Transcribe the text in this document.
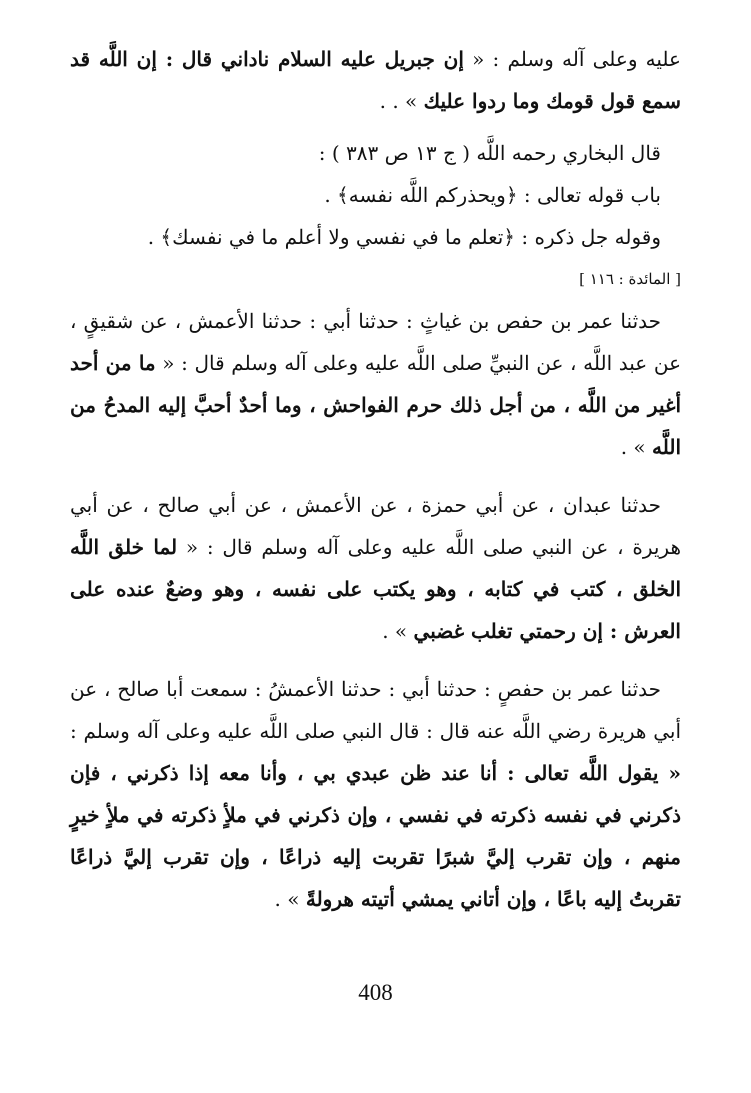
عليه وعلى آله وسلم : « إن جبريل عليه السلام ناداني قال : إن اللَّه قد سمع قول قومك وما ردوا عليك » . .

قال البخاري رحمه اللَّه ( ج ١٣ ص ٣٨٣ ) :

باب قوله تعالى : ﴿ويحذركم اللَّه نفسه﴾ .

وقوله جل ذكره : ﴿تعلم ما في نفسي ولا أعلم ما في نفسك﴾ .

[ المائدة : ١١٦ ]

حدثنا عمر بن حفص بن غياثٍ : حدثنا أبي : حدثنا الأعمش ، عن شقيقٍ ، عن عبد اللَّه ، عن النبيِّ صلى اللَّه عليه وعلى آله وسلم قال : « ما من أحد أغير من اللَّه ، من أجل ذلك حرم الفواحش ، وما أحدٌ أحبَّ إليه المدحُ من اللَّه » .

حدثنا عبدان ، عن أبي حمزة ، عن الأعمش ، عن أبي صالح ، عن أبي هريرة ، عن النبي صلى اللَّه عليه وعلى آله وسلم قال : « لما خلق اللَّه الخلق ، كتب في كتابه ، وهو يكتب على نفسه ، وهو وضعٌ عنده على العرش : إن رحمتي تغلب غضبي » .

حدثنا عمر بن حفصٍ : حدثنا أبي : حدثنا الأعمشُ : سمعت أبا صالح ، عن أبي هريرة رضي اللَّه عنه قال : قال النبي صلى اللَّه عليه وعلى آله وسلم : « يقول اللَّه تعالى : أنا عند ظن عبدي بي ، وأنا معه إذا ذكرني ، فإن ذكرني في نفسه ذكرته في نفسي ، وإن ذكرني في ملأٍ ذكرته في ملأٍ خيرٍ منهم ، وإن تقرب إليَّ شبرًا تقربت إليه ذراعًا ، وإن تقرب إليَّ ذراعًا تقربتُ إليه باعًا ، وإن أتاني يمشي أتيته هرولةً » .

408
